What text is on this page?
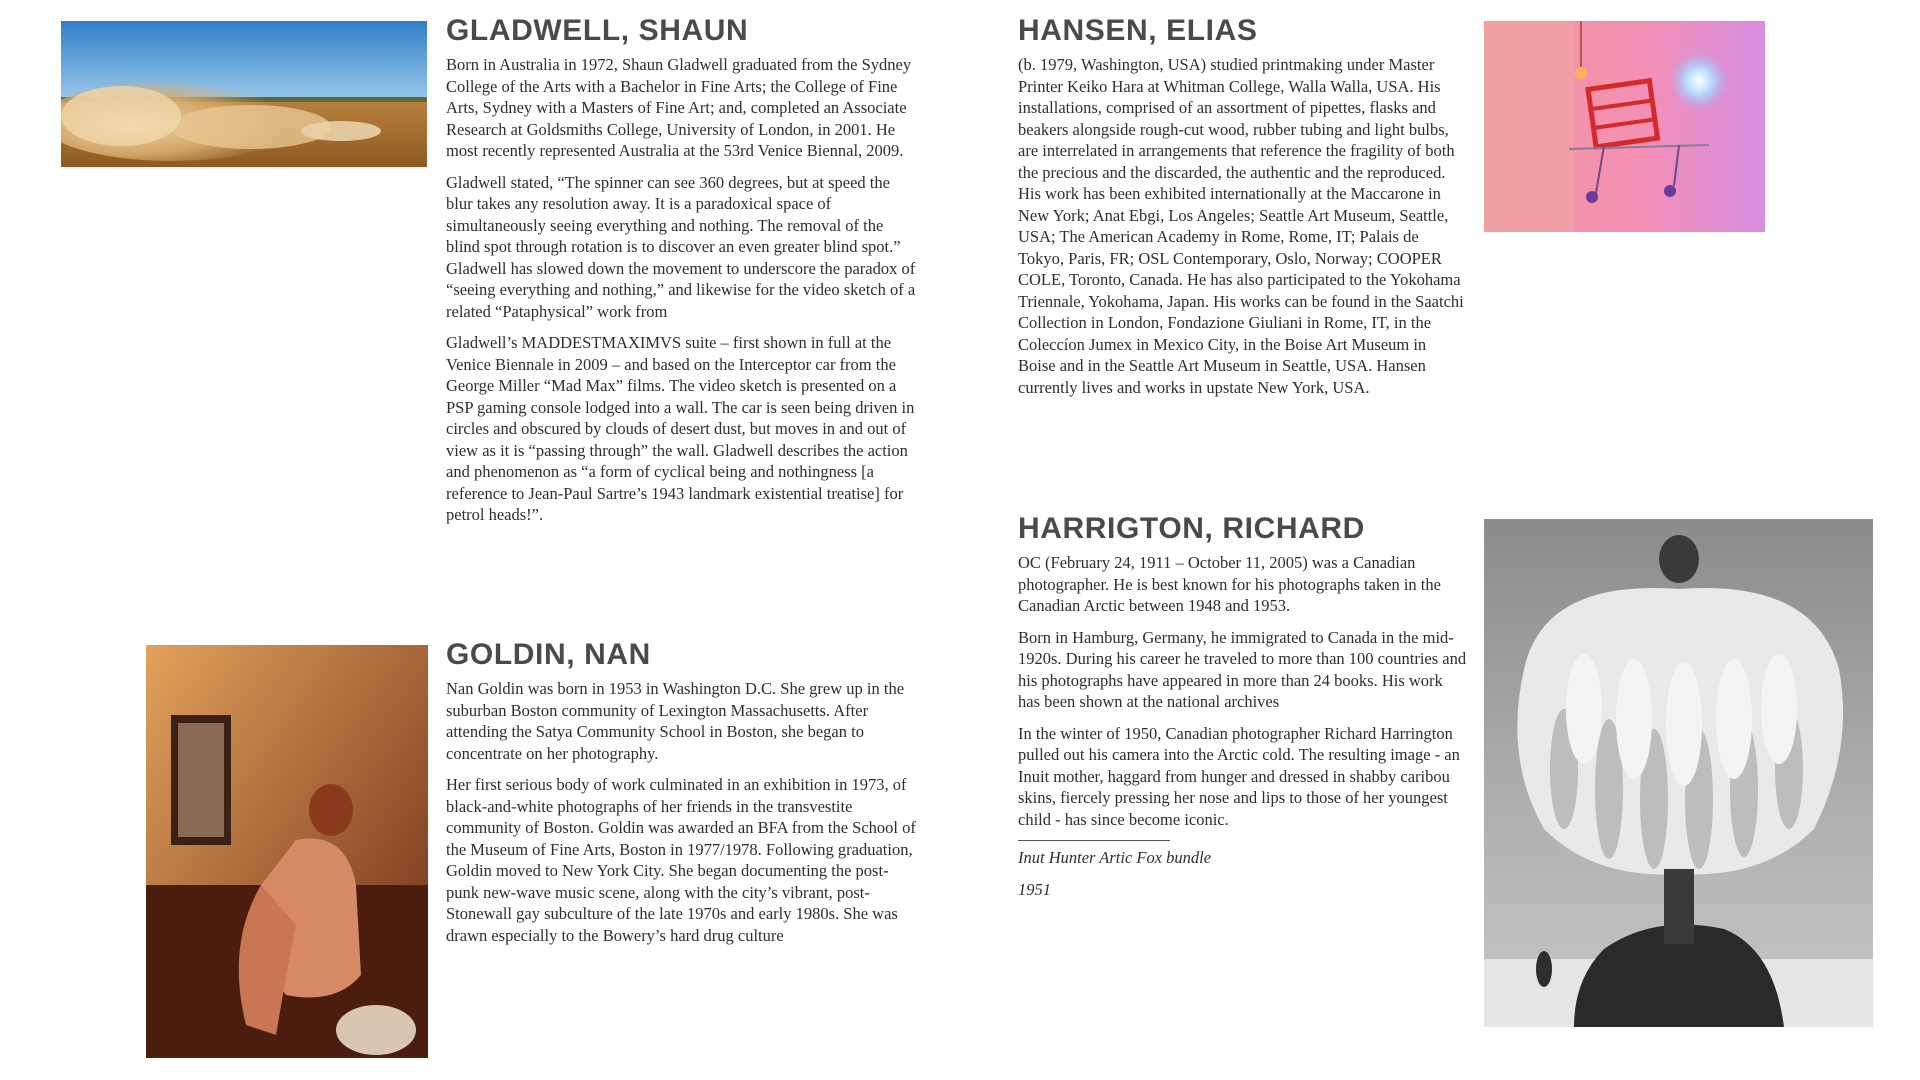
GLADWELL, SHAUN

Born in Australia in 1972, Shaun Gladwell graduated from the Sydney College of the Arts with a Bachelor in Fine Arts; the College of Fine Arts, Sydney with a Masters of Fine Art; and, completed an Associate Research at Goldsmiths College, University of London, in 2001. He most recently represented Australia at the 53rd Venice Biennal, 2009.

Gladwell stated, “The spinner can see 360 degrees, but at speed the blur takes any resolution away. It is a paradoxical space of simultaneously seeing everything and nothing. The removal of the blind spot through rotation is to discover an even greater blind spot.” Gladwell has slowed down the movement to underscore the paradox of “seeing everything and nothing,” and likewise for the video sketch of a related “Pataphysical” work from

Gladwell’s MADDESTMAXIMVS suite – first shown in full at the Venice Biennale in 2009 – and based on the Interceptor car from the George Miller “Mad Max” films. The video sketch is presented on a PSP gaming console lodged into a wall. The car is seen being driven in circles and obscured by clouds of desert dust, but moves in and out of view as it is “passing through” the wall. Gladwell describes the action and phenomenon as “a form of cyclical being and nothingness [a reference to Jean-Paul Sartre’s 1943 landmark existential treatise] for petrol heads!”.

GOLDIN, NAN

Nan Goldin was born in 1953 in Washington D.C. She grew up in the suburban Boston community of Lexington Massachusetts. After attending the Satya Community School in Boston, she began to concentrate on her photography.

Her first serious body of work culminated in an exhibition in 1973, of black-and-white photographs of her friends in the transvestite community of Boston. Goldin was awarded an BFA from the School of the Museum of Fine Arts, Boston in 1977/1978. Following graduation, Goldin moved to New York City. She began documenting the post-punk new-wave music scene, along with the city’s vibrant, post-Stonewall gay subculture of the late 1970s and early 1980s. She was drawn especially to the Bowery’s hard drug culture

HANSEN, ELIAS

(b. 1979, Washington, USA) studied printmaking under Master Printer Keiko Hara at Whitman College, Walla Walla, USA. His installations, comprised of an assortment of pipettes, flasks and beakers alongside rough-cut wood, rubber tubing and light bulbs, are interrelated in arrangements that reference the fragility of both the precious and the discarded, the authentic and the reproduced. His work has been exhibited internationally at the Maccarone in New York; Anat Ebgi, Los Angeles; Seattle Art Museum, Seattle, USA; The American Academy in Rome, Rome, IT; Palais de Tokyo, Paris, FR; OSL Contemporary, Oslo, Norway; COOPER COLE, Toronto, Canada. He has also participated to the Yokohama Triennale, Yokohama, Japan. His works can be found in the Saatchi Collection in London, Fondazione Giuliani in Rome, IT, in the Coleccíon Jumex in Mexico City, in the Boise Art Museum in Boise and in the Seattle Art Museum in Seattle, USA. Hansen currently lives and works in upstate New York, USA.

HARRIGTON, RICHARD

OC (February 24, 1911 – October 11, 2005) was a Canadian photographer. He is best known for his photographs taken in the Canadian Arctic between 1948 and 1953.

Born in Hamburg, Germany, he immigrated to Canada in the mid-1920s. During his career he traveled to more than 100 countries and his photographs have appeared in more than 24 books. His work has been shown at the national archives

In the winter of 1950, Canadian photographer Richard Harrington pulled out his camera into the Arctic cold. The resulting image - an Inuit mother, haggard from hunger and dressed in shabby caribou skins, fiercely pressing her nose and lips to those of her youngest child - has since become iconic.

Inut Hunter Artic Fox bundle

1951
